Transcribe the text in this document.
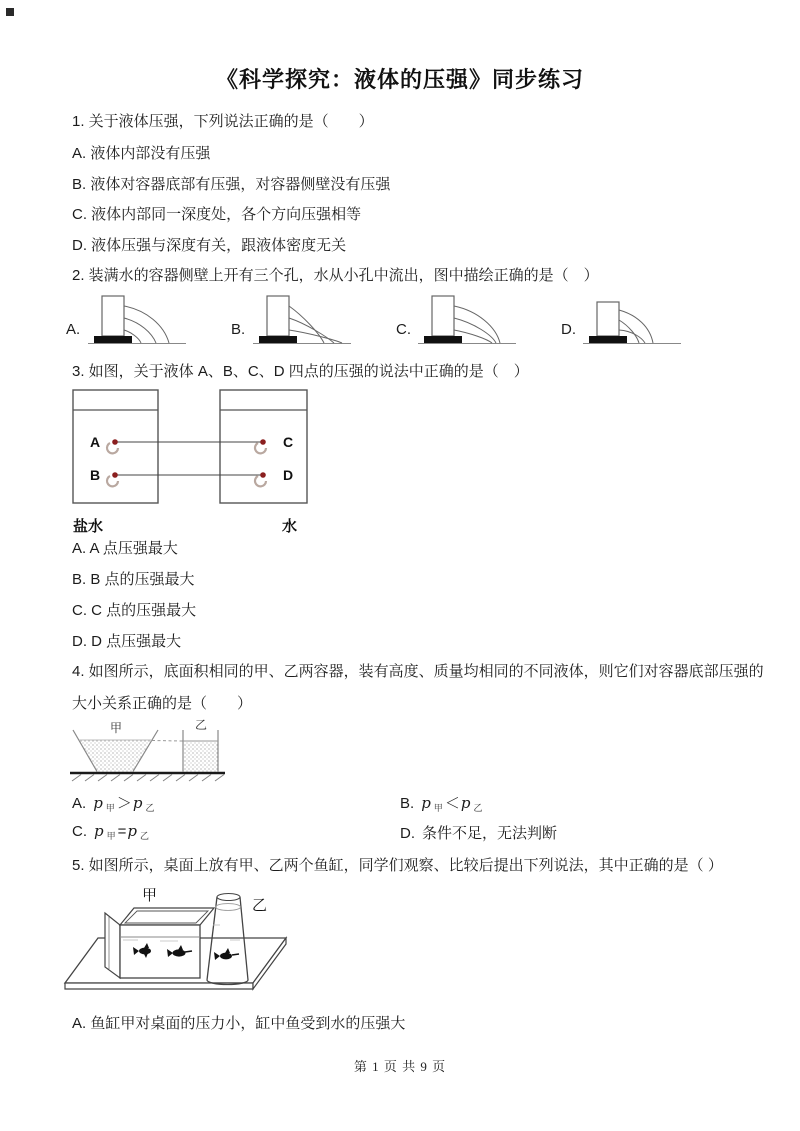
《科学探究：液体的压强》同步练习
1. 关于液体压强，下列说法正确的是（　　）
A. 液体内部没有压强
B. 液体对容器底部有压强，对容器侧壁没有压强
C. 液体内部同一深度处，各个方向压强相等
D. 液体压强与深度有关，跟液体密度无关
2. 装满水的容器侧壁上开有三个孔，水从小孔中流出，图中描绘正确的是（　）
A.	B.	C.	D.
3. 如图，关于液体 A、B、C、D 四点的压强的说法中正确的是（　）
A
B
C
D
盐水	水
A. A 点压强最大
B. B 点的压强最大
C. C 点的压强最大
D. D 点压强最大
4. 如图所示，底面积相同的甲、乙两容器，装有高度、质量均相同的不同液体，则它们对容器底部压强的
大小关系正确的是（　　）
甲	乙
A. p $_甲$ ＞p $_乙$	B. p $_甲$ ＜p $_乙$
C. p $_甲$ =p $_乙$	D. 条件不足，无法判断
5. 如图所示，桌面上放有甲、乙两个鱼缸，同学们观察、比较后提出下列说法，其中正确的是（ ）
甲
乙
A. 鱼缸甲对桌面的压力小，缸中鱼受到水的压强大
第 1 页 共 9 页
